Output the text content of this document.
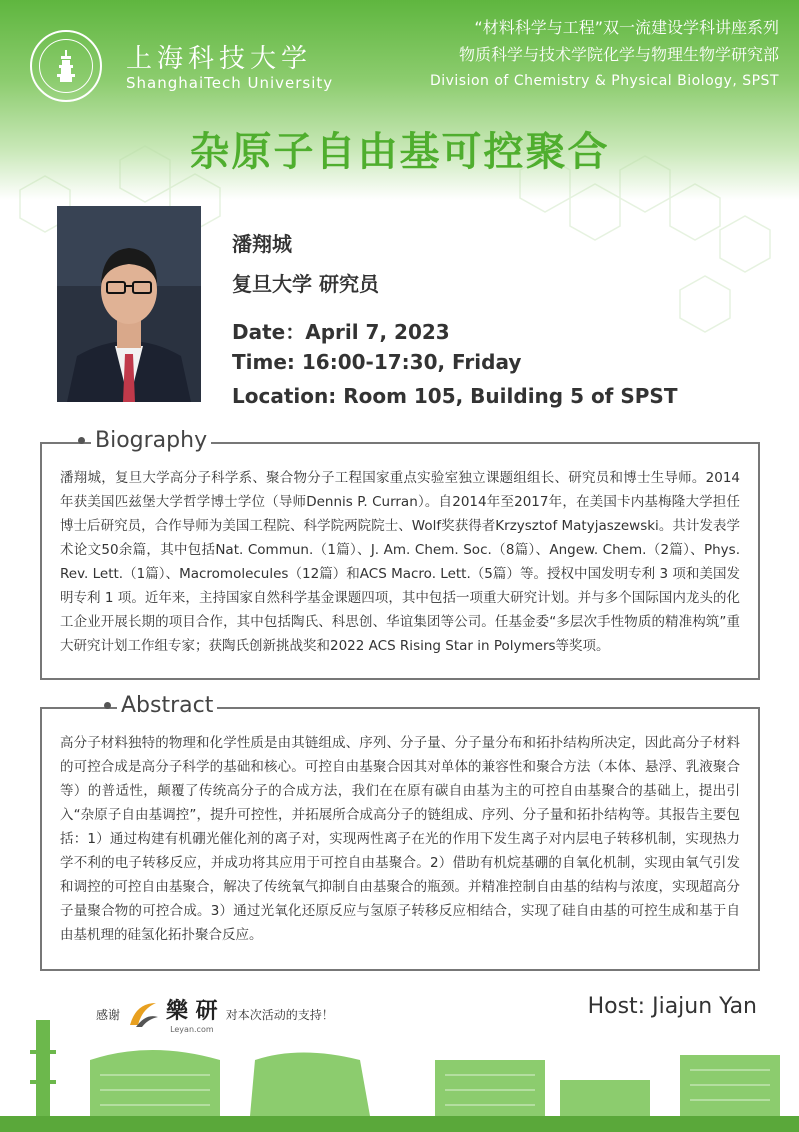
上海科技大学
ShanghaiTech University
“材料科学与工程”双一流建设学科讲座系列
物质科学与技术学院化学与物理生物学研究部
Division of Chemistry & Physical Biology, SPST
杂原子自由基可控聚合
潘翔城
复旦大学 研究员
Date：April 7, 2023
Time: 16:00-17:30, Friday
Location: Room 105, Building 5 of SPST
Biography
潘翔城，复旦大学高分子科学系、聚合物分子工程国家重点实验室独立课题组组长、研究员和博士生导师。2014年获美国匹兹堡大学哲学博士学位（导师Dennis P. Curran）。自2014年至2017年，在美国卡内基梅隆大学担任博士后研究员，合作导师为美国工程院、科学院两院院士、Wolf奖获得者Krzysztof Matyjaszewski。共计发表学术论文50余篇，其中包括Nat. Commun.（1篇）、J. Am. Chem. Soc.（8篇）、Angew. Chem.（2篇）、Phys. Rev. Lett.（1篇）、Macromolecules（12篇）和ACS Macro. Lett.（5篇）等。授权中国发明专利 3 项和美国发明专利 1 项。近年来，主持国家自然科学基金课题四项，其中包括一项重大研究计划。并与多个国际国内龙头的化工企业开展长期的项目合作，其中包括陶氏、科思创、华谊集团等公司。任基金委“多层次手性物质的精准构筑”重大研究计划工作组专家；获陶氏创新挑战奖和2022 ACS Rising Star in Polymers等奖项。
Abstract
高分子材料独特的物理和化学性质是由其链组成、序列、分子量、分子量分布和拓扑结构所决定，因此高分子材料的可控合成是高分子科学的基础和核心。可控自由基聚合因其对单体的兼容性和聚合方法（本体、悬浮、乳液聚合等）的普适性，颠覆了传统高分子的合成方法，我们在在原有碳自由基为主的可控自由基聚合的基础上，提出引入“杂原子自由基调控”，提升可控性，并拓展所合成高分子的链组成、序列、分子量和拓扑结构等。其报告主要包括：1）通过构建有机硼光催化剂的离子对，实现两性离子在光的作用下发生离子对内层电子转移机制，实现热力学不利的电子转移反应，并成功将其应用于可控自由基聚合。2）借助有机烷基硼的自氧化机制，实现由氧气引发和调控的可控自由基聚合，解决了传统氧气抑制自由基聚合的瓶颈。并精准控制自由基的结构与浓度，实现超高分子量聚合物的可控合成。3）通过光氧化还原反应与氢原子转移反应相结合，实现了硅自由基的可控生成和基于自由基机理的硅氢化拓扑聚合反应。
感谢 樂 研
Leyan.com
对本次活动的支持！	Host: Jiajun Yan
